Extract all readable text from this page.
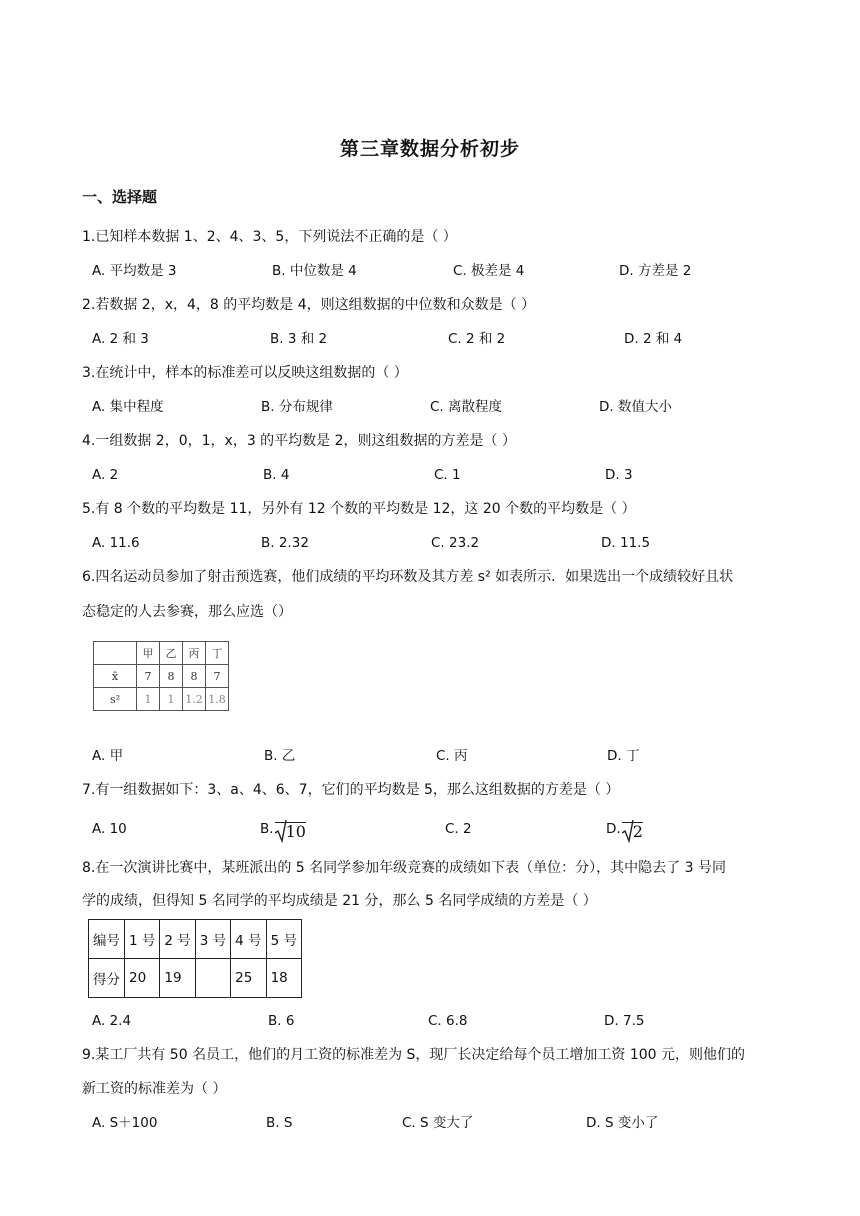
第三章数据分析初步
一、选择题
1.已知样本数据 1、2、4、3、5，下列说法不正确的是（ ）
A. 平均数是 3	B. 中位数是 4	C. 极差是 4	D. 方差是 2
2.若数据 2，x，4，8 的平均数是 4，则这组数据的中位数和众数是（ ）
A. 2 和 3	B. 3 和 2	C. 2 和 2	D. 2 和 4
3.在统计中，样本的标准差可以反映这组数据的（ ）
A. 集中程度	B. 分布规律	C. 离散程度	D. 数值大小
4.一组数据 2，0，1，x，3 的平均数是 2，则这组数据的方差是（ ）
A. 2	B. 4	C. 1	D. 3
5.有 8 个数的平均数是 11，另外有 12 个数的平均数是 12，这 20 个数的平均数是（ ）
A. 11.6	B. 2.32	C. 23.2	D. 11.5
6.四名运动员参加了射击预选赛，他们成绩的平均环数及其方差 s² 如表所示．如果选出一个成绩较好且状
态稳定的人去参赛，那么应选（）
	甲	乙	丙	丁
x̄	7	8	8	7
s²	1	1	1.2	1.8
A. 甲	B. 乙	C. 丙	D. 丁
7.有一组数据如下：3、a、4、6、7，它们的平均数是 5，那么这组数据的方差是（ ）
A. 10	B. 10	C. 2	D. 2
8.在一次演讲比赛中，某班派出的 5 名同学参加年级竞赛的成绩如下表（单位：分），其中隐去了 3 号同
学的成绩，但得知 5 名同学的平均成绩是 21 分，那么 5 名同学成绩的方差是（ ）
编号	1 号	2 号	3 号	4 号	5 号
得分	20	19		25	18
A. 2.4	B. 6	C. 6.8	D. 7.5
9.某工厂共有 50 名员工，他们的月工资的标准差为 S，现厂长决定给每个员工增加工资 100 元，则他们的
新工资的标准差为（ ）
A. S＋100	B. S	C. S 变大了	D. S 变小了
